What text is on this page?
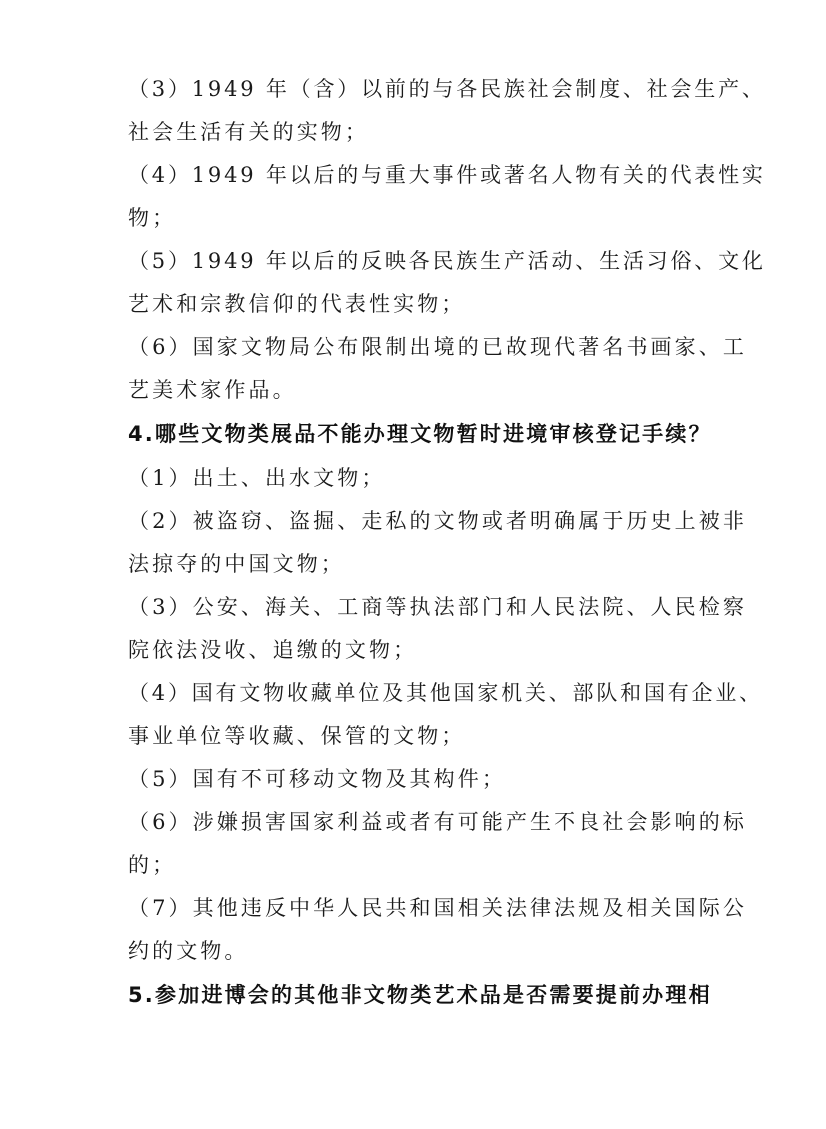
（3）1949 年（含）以前的与各民族社会制度、社会生产、
社会生活有关的实物；
（4）1949 年以后的与重大事件或著名人物有关的代表性实
物；
（5）1949 年以后的反映各民族生产活动、生活习俗、文化
艺术和宗教信仰的代表性实物；
（6）国家文物局公布限制出境的已故现代著名书画家、工
艺美术家作品。
4.哪些文物类展品不能办理文物暂时进境审核登记手续？
（1）出土、出水文物；
（2）被盗窃、盗掘、走私的文物或者明确属于历史上被非
法掠夺的中国文物；
（3）公安、海关、工商等执法部门和人民法院、人民检察
院依法没收、追缴的文物；
（4）国有文物收藏单位及其他国家机关、部队和国有企业、
事业单位等收藏、保管的文物；
（5）国有不可移动文物及其构件；
（6）涉嫌损害国家利益或者有可能产生不良社会影响的标
的；
（7）其他违反中华人民共和国相关法律法规及相关国际公
约的文物。
5.参加进博会的其他非文物类艺术品是否需要提前办理相
